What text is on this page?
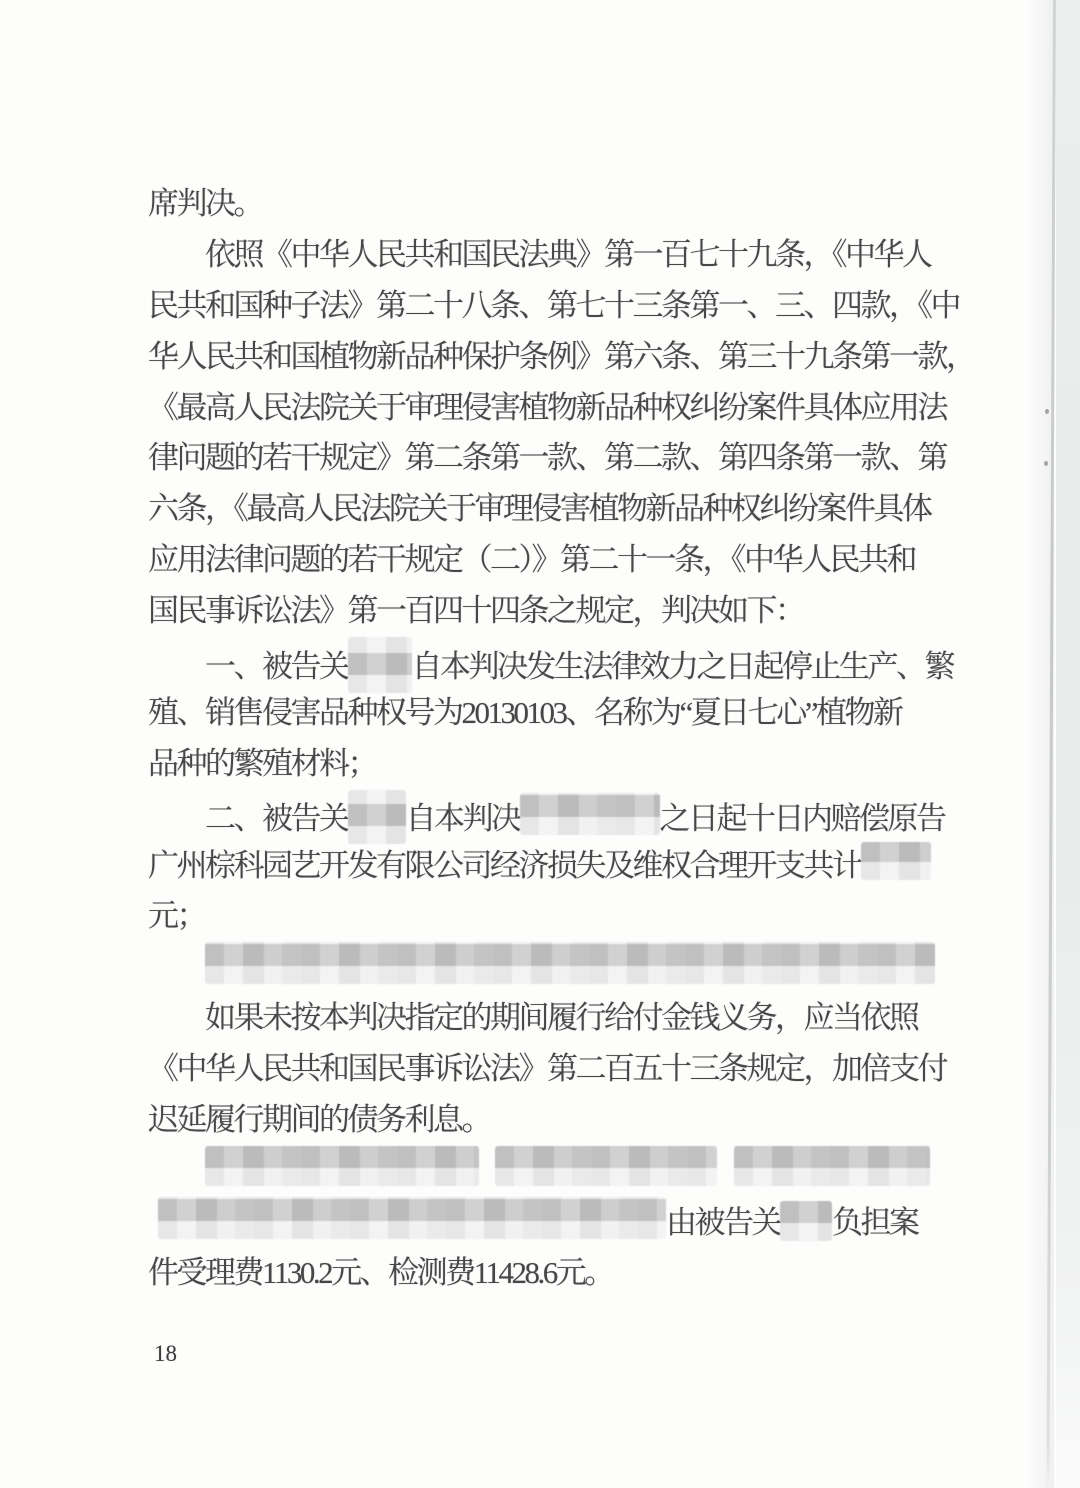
席判决。
依照《中华人民共和国民法典》第一百七十九条，《中华人
民共和国种子法》第二十八条、第七十三条第一、三、四款，《中
华人民共和国植物新品种保护条例》第六条、第三十九条第一款，
《最高人民法院关于审理侵害植物新品种权纠纷案件具体应用法
律问题的若干规定》第二条第一款、第二款、第四条第一款、第
六条，《最高人民法院关于审理侵害植物新品种权纠纷案件具体
应用法律问题的若干规定（二）》第二十一条，《中华人民共和
国民事诉讼法》第一百四十四条之规定，判决如下：
一、被告关 自本判决发生法律效力之日起停止生产、繁
殖、销售侵害品种权号为20130103、名称为“夏日七心”植物新
品种的繁殖材料；
二、被告关 自本判决	之日起十日内赔偿原告
广州棕科园艺开发有限公司经济损失及维权合理开支共计
元；
如果未按本判决指定的期间履行给付金钱义务，应当依照
《中华人民共和国民事诉讼法》第二百五十三条规定，加倍支付
迟延履行期间的债务利息。
由被告关 负担案
件受理费1130.2元、检测费11428.6元。
18
